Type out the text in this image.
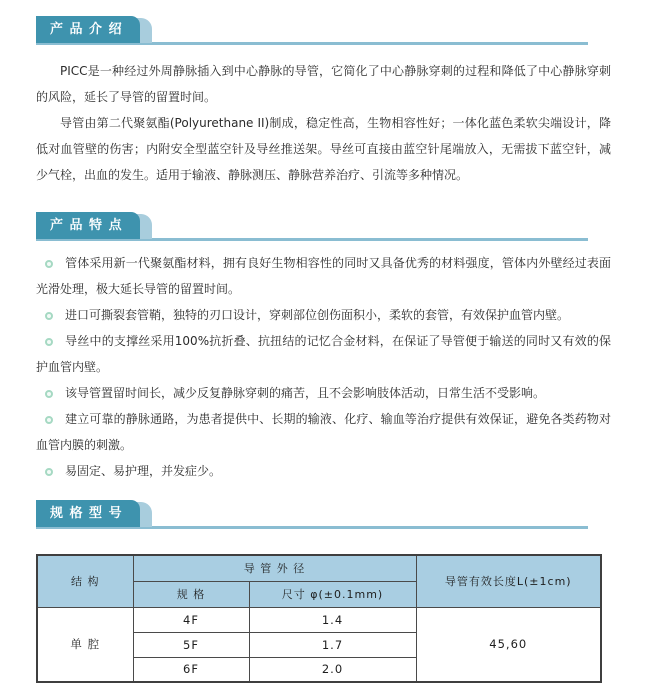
产 品 介 绍

PICC是一种经过外周静脉插入到中心静脉的导管，它简化了中心静脉穿刺的过程和降低了中心静脉穿刺的风险，延长了导管的留置时间。

导管由第二代聚氨酯(Polyurethane II)制成，稳定性高，生物相容性好；一体化蓝色柔软尖端设计，降低对血管壁的伤害；内附安全型蓝空针及导丝推送架。导丝可直接由蓝空针尾端放入，无需拔下蓝空针，减少气栓，出血的发生。适用于输液、静脉测压、静脉营养治疗、引流等多种情况。

产 品 特 点

管体采用新一代聚氨酯材料，拥有良好生物相容性的同时又具备优秀的材料强度，管体内外壁经过表面光滑处理，极大延长导管的留置时间。

进口可撕裂套管鞘，独特的刃口设计，穿刺部位创伤面积小，柔软的套管，有效保护血管内壁。

导丝中的支撑丝采用100%抗折叠、抗扭结的记忆合金材料，在保证了导管便于输送的同时又有效的保护血管内壁。

该导管置留时间长，减少反复静脉穿刺的痛苦，且不会影响肢体活动，日常生活不受影响。

建立可靠的静脉通路，为患者提供中、长期的输液、化疗、输血等治疗提供有效保证，避免各类药物对血管内膜的刺激。

易固定、易护理，并发症少。

规 格 型 号
结 构	导 管 外 径		导管有效长度L(±1cm)
	规 格	尺寸 φ(±0.1mm)	
单 腔	4F	1.4	45,60
	5F	1.7	
	6F	2.0	
